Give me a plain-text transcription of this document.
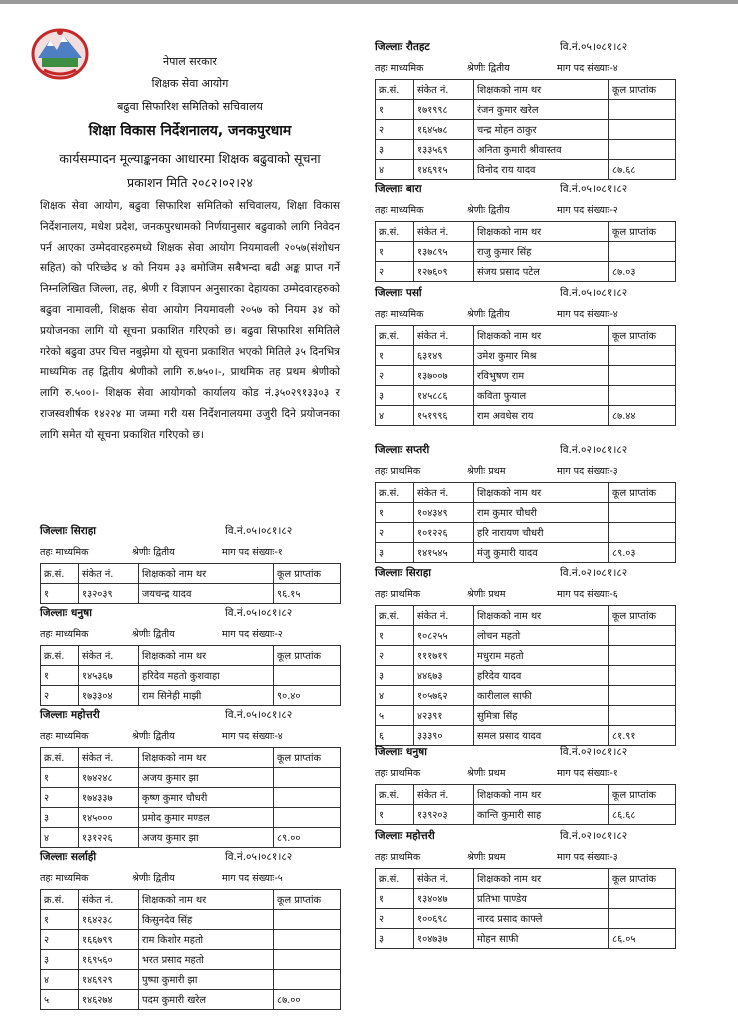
नेपाल सरकार
शिक्षक सेवा आयोग
बढुवा सिफारिश समितिको सचिवालय
शिक्षा विकास निर्देशनालय, जनकपुरधाम
कार्यसम्पादन मूल्याङ्कनका आधारमा शिक्षक बढुवाको सूचना
प्रकाशन मिति २०८२।०२।२४

शिक्षक सेवा आयोग, बढुवा सिफारिश समितिको सचिवालय, शिक्षा विकास निर्देशनालय, मधेश प्रदेश, जनकपुरधामको निर्णयानुसार बढुवाको लागि निवेदन पर्न आएका उम्मेदवारहरुमध्ये शिक्षक सेवा आयोग नियमावली २०५७(संशोधन सहित) को परिच्छेद ४ को नियम ३३ बमोजिम सबैभन्दा बढी अङ्क प्राप्त गर्ने निम्नलिखित जिल्ला, तह, श्रेणी र विज्ञापन अनुसारका देहायका उम्मेदवारहरुको बढुवा नामावली, शिक्षक सेवा आयोग नियमावली २०५७ को नियम ३४ को प्रयोजनका लागि यो सूचना प्रकाशित गरिएको छ। बढुवा सिफारिश समितिले गरेको बढुवा उपर चित्त नबुझेमा यो सूचना प्रकाशित भएको मितिले ३५ दिनभित्र माध्यमिक तह द्वितीय श्रेणीको लागि रु.७५०।-, प्राथमिक तह प्रथम श्रेणीको लागि रु.५००।- शिक्षक सेवा आयोगको कार्यालय कोड नं.३५०२९१३३०३ र राजस्वशीर्षक १४२२४ मा जम्मा गरी यस निर्देशनालयमा उजुरी दिने प्रयोजनका लागि समेत यो सूचना प्रकाशित गरिएको छ।

जिल्लाः सिराहा	वि.नं.०५।०८१।८२
तहः माध्यमिक	श्रेणीः द्वितीय	माग पद संख्याः-१
क्र.सं.	संकेत नं.	शिक्षकको नाम थर	कूल प्राप्तांक
१	१३२०३९	जयचन्द्र यादव	९६.१५
जिल्लाः धनुषा	वि.नं.०५।०८१।८२
तहः माध्यमिक	श्रेणीः द्वितीय	माग पद संख्याः-२
क्र.सं.	संकेत नं.	शिक्षकको नाम थर	कूल प्राप्तांक
१	१४५३६७	हरिदेव महतो कुशवाहा	
२	१७३३०४	राम सिनेही माझी	९०.४०
जिल्लाः महोत्तरी	वि.नं.०५।०८१।८२
तहः माध्यमिक	श्रेणीः द्वितीय	माग पद संख्याः-४
क्र.सं.	संकेत नं.	शिक्षकको नाम थर	कूल प्राप्तांक
१	१७४२४८	अजय कुमार झा	
२	१७४३३७	कृष्ण कुमार चौधरी	
३	१४५०००	प्रमोद कुमार मण्डल	
४	१३१२२६	अजय कुमार झा	८९.००
जिल्लाः सर्लाही	वि.नं.०५।०८१।८२
तहः माध्यमिक	श्रेणीः द्वितीय	माग पद संख्याः-५
क्र.सं.	संकेत नं.	शिक्षकको नाम थर	कूल प्राप्तांक
१	१६४२३८	किसुनदेव सिंह	
२	१६६७९९	राम किशोर महतो	
३	१६९५६०	भरत प्रसाद महतो	
४	१४६९२९	पुष्पा कुमारी झा	
५	१४६२७४	पदम कुमारी खरेल	८७.००
जिल्लाः रौतहट	वि.नं.०५।०८१।८२
तहः माध्यमिक	श्रेणीः द्वितीय	माग पद संख्याः-४
क्र.सं.	संकेत नं.	शिक्षकको नाम थर	कूल प्राप्तांक
१	१७१९९८	रंजन कुमार खरेल	
२	१६४५७८	चन्द्र मोहन ठाकुर	
३	१३३५६९	अनिता कुमारी श्रीवास्तव	
४	१४६९१५	विनोद राय यादव	८७.६८
जिल्लाः बारा	वि.नं.०५।०८१।८२
तहः माध्यमिक	श्रेणीः द्वितीय	माग पद संख्याः-२
क्र.सं.	संकेत नं.	शिक्षकको नाम थर	कूल प्राप्तांक
१	१३७८९५	राजु कुमार सिंह	
२	१२७६०९	संजय प्रसाद पटेल	८७.०३
जिल्लाः पर्सा	वि.नं.०५।०८१।८२
तहः माध्यमिक	श्रेणीः द्वितीय	माग पद संख्याः-४
क्र.सं.	संकेत नं.	शिक्षकको नाम थर	कूल प्राप्तांक
१	६३१४९	उमेश कुमार मिश्र	
२	१३७००७	रविभुषण राम	
३	१४५८८६	कविता फुयाल	
४	१५१९९६	राम अवधेस राय	८७.४४
जिल्लाः सप्तरी	वि.नं.०२।०८१।८२
तहः प्राथमिक	श्रेणीः प्रथम	माग पद संख्याः-३
क्र.सं.	संकेत नं.	शिक्षकको नाम थर	कूल प्राप्तांक
१	१०४३४९	राम कुमार चौधरी	
२	१०१२२६	हरि नारायण चौधरी	
३	१४१५४५	मंजु कुमारी यादव	८९.०३
जिल्लाः सिराहा	वि.नं.०२।०८१।८२
तहः प्राथमिक	श्रेणीः प्रथम	माग पद संख्याः-६
क्र.सं.	संकेत नं.	शिक्षकको नाम थर	कूल प्राप्तांक
१	१०८२५५	लोचन महतो	
२	१११७१९	मधुराम महतो	
३	४४६७३	हरिदेव यादव	
४	१०५७६२	कारीलाल साफी	
५	४२३९१	सुमित्रा सिंह	
६	३३३९०	समल प्रसाद यादव	८१.९१
जिल्लाः धनुषा	वि.नं.०२।०८१।८२
तहः प्राथमिक	श्रेणीः प्रथम	माग पद संख्याः-१
क्र.सं.	संकेत नं.	शिक्षकको नाम थर	कूल प्राप्तांक
१	१३९२०३	कान्ति कुमारी साह	८६.६८
जिल्लाः महोत्तरी	वि.नं.०२।०८१।८२
तहः प्राथमिक	श्रेणीः प्रथम	माग पद संख्याः-३
क्र.सं.	संकेत नं.	शिक्षकको नाम थर	कूल प्राप्तांक
१	१३४०४७	प्रतिभा पाण्डेय	
२	१००६९८	नारद प्रसाद काफ्ले	
३	१०४७३७	मोहन साफी	८६.०५
